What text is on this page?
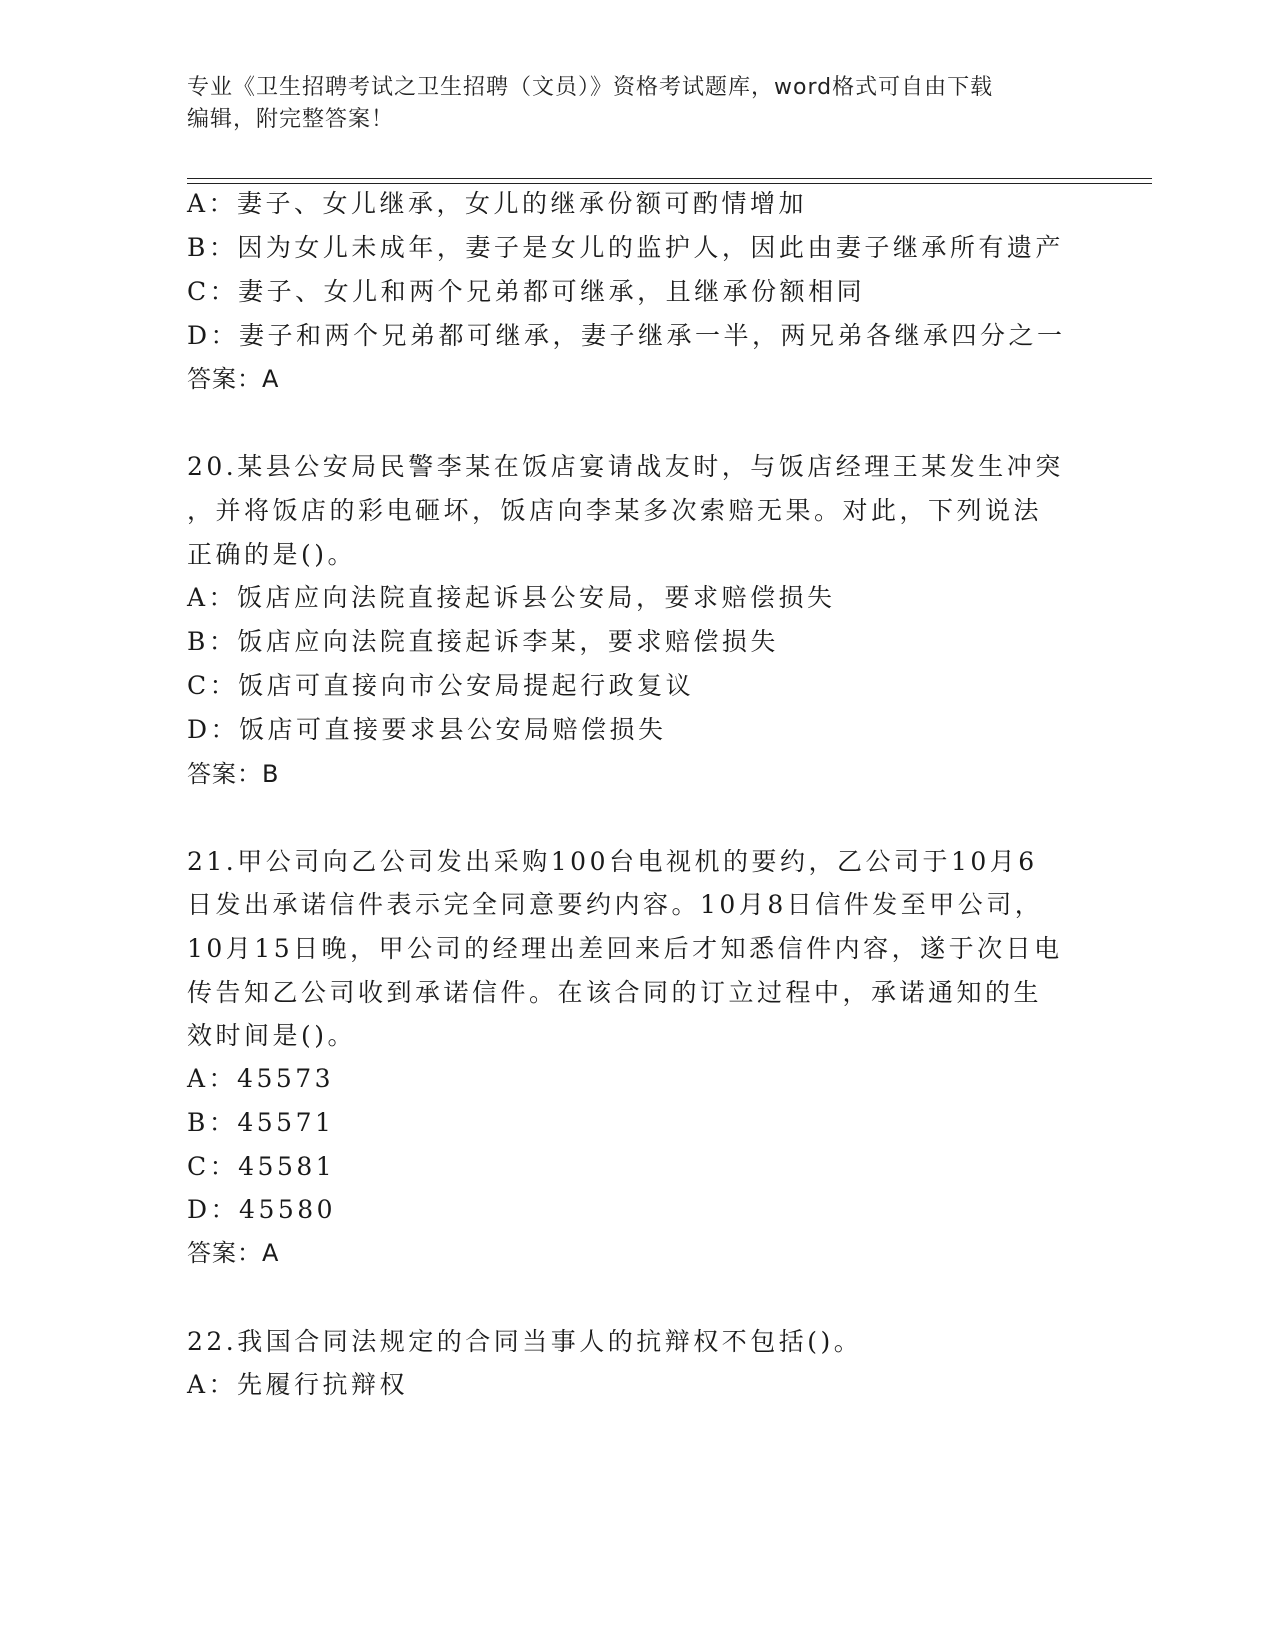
专业《卫生招聘考试之卫生招聘（文员）》资格考试题库，word格式可自由下载
编辑，附完整答案！
A：妻子、女儿继承，女儿的继承份额可酌情增加
B：因为女儿未成年，妻子是女儿的监护人，因此由妻子继承所有遗产
C：妻子、女儿和两个兄弟都可继承，且继承份额相同
D：妻子和两个兄弟都可继承，妻子继承一半，两兄弟各继承四分之一
答案：A
20.某县公安局民警李某在饭店宴请战友时，与饭店经理王某发生冲突
，并将饭店的彩电砸坏，饭店向李某多次索赔无果。对此，下列说法
正确的是()。
A：饭店应向法院直接起诉县公安局，要求赔偿损失
B：饭店应向法院直接起诉李某，要求赔偿损失
C：饭店可直接向市公安局提起行政复议
D：饭店可直接要求县公安局赔偿损失
答案：B
21.甲公司向乙公司发出采购100台电视机的要约，乙公司于10月6
日发出承诺信件表示完全同意要约内容。10月8日信件发至甲公司，
10月15日晚，甲公司的经理出差回来后才知悉信件内容，遂于次日电
传告知乙公司收到承诺信件。在该合同的订立过程中，承诺通知的生
效时间是()。
A：45573
B：45571
C：45581
D：45580
答案：A
22.我国合同法规定的合同当事人的抗辩权不包括()。
A：先履行抗辩权
